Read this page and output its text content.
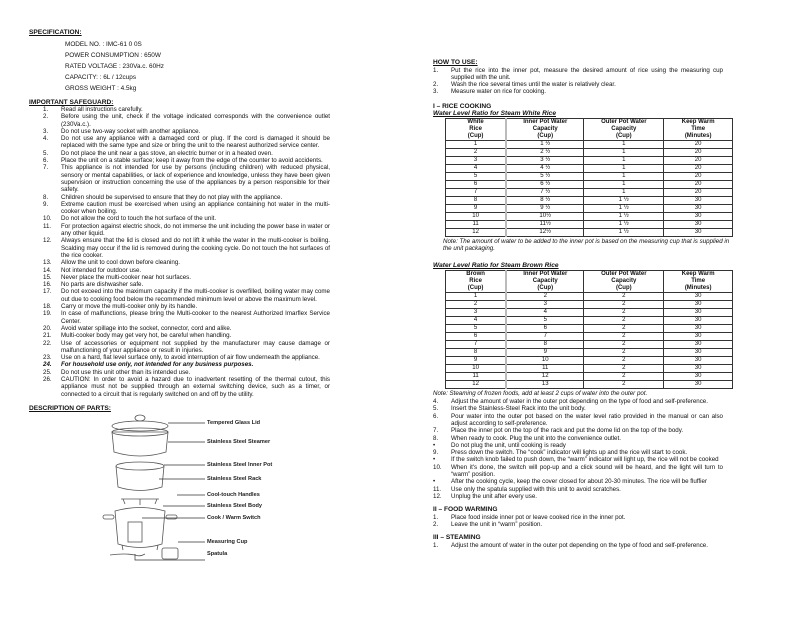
SPECIFICATION:
MODEL NO. : IMC-61 0 0S
POWER CONSUMPTION : 650W
RATED VOLTAGE : 230Va.c. 60Hz
CAPACITY: : 6L / 12cups
GROSS WEIGHT : 4.5kg
IMPORTANT SAFEGUARD:
1. Read all instructions carefully.
2. Before using the unit, check if the voltage indicated corresponds with the convenience outlet (230Va.c.).
3. Do not use two-way socket with another appliance.
4. Do not use any appliance with a damaged cord or plug. If the cord is damaged it should be replaced with the same type and size or bring the unit to the nearest authorized service center.
5. Do not place the unit near a gas stove, an electric burner or in a heated oven.
6. Place the unit on a stable surface; keep it away from the edge of the counter to avoid accidents.
7. This appliance is not intended for use by persons (including children) with reduced physical, sensory or mental capabilities, or lack of experience and knowledge, unless they have been given supervision or instruction concerning the use of the appliances by a person responsible for their safety.
8. Children should be supervised to ensure that they do not play with the appliance.
9. Extreme caution must be exercised when using an appliance containing hot water in the multi-cooker when boiling.
10. Do not allow the cord to touch the hot surface of the unit.
11. For protection against electric shock, do not immerse the unit including the power base in water or any other liquid.
12. Always ensure that the lid is closed and do not lift it while the water in the multi-cooker is boiling. Scalding may occur if the lid is removed during the cooking cycle. Do not touch the hot surfaces of the rice cooker.
13. Allow the unit to cool down before cleaning.
14. Not intended for outdoor use.
15. Never place the multi-cooker near hot surfaces.
16. No parts are dishwasher safe.
17. Do not exceed into the maximum capacity if the multi-cooker is overfilled, boiling water may come out due to cooking food below the recommended minimum level or above the maximum level.
18. Carry or move the multi-cooker only by its handle.
19. In case of malfunctions, please bring the Multi-cooker to the nearest Authorized Imarflex Service Center.
20. Avoid water spillage into the socket, connector, cord and alike.
21. Multi-cooker body may get very hot, be careful when handling.
22. Use of accessories or equipment not supplied by the manufacturer may cause damage or malfunctioning of your appliance or result in injuries.
23. Use on a hard, flat level surface only, to avoid interruption of air flow underneath the appliance.
24. For household use only, not intended for any business purposes.
25. Do not use this unit other than its intended use.
26. CAUTION: In order to avoid a hazard due to inadvertent resetting of the thermal cutout, this appliance must not be supplied through an external switching device, such as a timer, or connected to a circuit that is regularly switched on and off by the utility.
DESCRIPTION OF PARTS:
Tempered Glass Lid
Stainless Steel Steamer
Stainless Steel Inner Pot
Stainless Steel Rack
Cool-touch Handles
Stainless Steel Body
Cook / Warm Switch
Measuring Cup
Spatula
HOW TO USE:
1. Put the rice into the inner pot, measure the desired amount of rice using the measuring cup supplied with the unit.
2. Wash the rice several times until the water is relatively clear.
3. Measure water on rice for cooking.
I – RICE COOKING
Water Level Ratio for Steam White Rice
White
Rice
(Cup)	Inner Pot Water
Capacity
(Cup)	Outer Pot Water
Capacity
(Cup)	Keep Warm
Time
(Minutes)
1	1 ½	1	20
2	2 ½	1	20
3	3 ½	1	20
4	4 ½	1	20
5	5 ½	1	20
6	6 ½	1	20
7	7 ½	1	20
8	8 ½	1 ½	30
9	9 ½	1 ½	30
10	10½	1 ½	30
11	11½	1 ½	30
12	12½	1 ½	30
Note: The amount of water to be added to the inner pot is based on the measuring cup that is supplied in the unit packaging.
Water Level Ratio for Steam Brown Rice
Brown
Rice
(Cup)	Inner Pot Water
Capacity
(Cup)	Outer Pot Water
Capacity
(Cup)	Keep Warm
Time
(Minutes)
1	2	2	30
2	3	2	30
3	4	2	30
4	5	2	30
5	6	2	30
6	7	2	30
7	8	2	30
8	9	2	30
9	10	2	30
10	11	2	30
11	12	2	30
12	13	2	30
Note: Steaming of frozen foods, add at least 2 cups of water into the outer pot.
4. Adjust the amount of water in the outer pot depending on the type of food and self-preference.
5. Insert the Stainless-Steel Rack into the unit body.
6. Pour water into the outer pot based on the water level ratio provided in the manual or can also adjust according to self-preference.
7. Place the inner pot on the top of the rack and put the dome lid on the top of the body.
8. When ready to cook. Plug the unit into the convenience outlet.
•	Do not plug the unit, until cooking is ready
9. Press down the switch. The “cook” indicator will lights up and the rice will start to cook.
•	If the switch knob failed to push down, the “warm” indicator will light up, the rice will not be cooked
10. When it's done, the switch will pop-up and a click sound will be heard, and the light will turn to “warm” position.
•	After the cooking cycle, keep the cover closed for about 20-30 minutes. The rice will be fluffier
11. Use only the spatula supplied with this unit to avoid scratches.
12. Unplug the unit after every use.
II – FOOD WARMING
1. Place food inside inner pot or leave cooked rice in the inner pot.
2. Leave the unit in “warm” position.
III – STEAMING
1. Adjust the amount of water in the outer pot depending on the type of food and self-preference.
